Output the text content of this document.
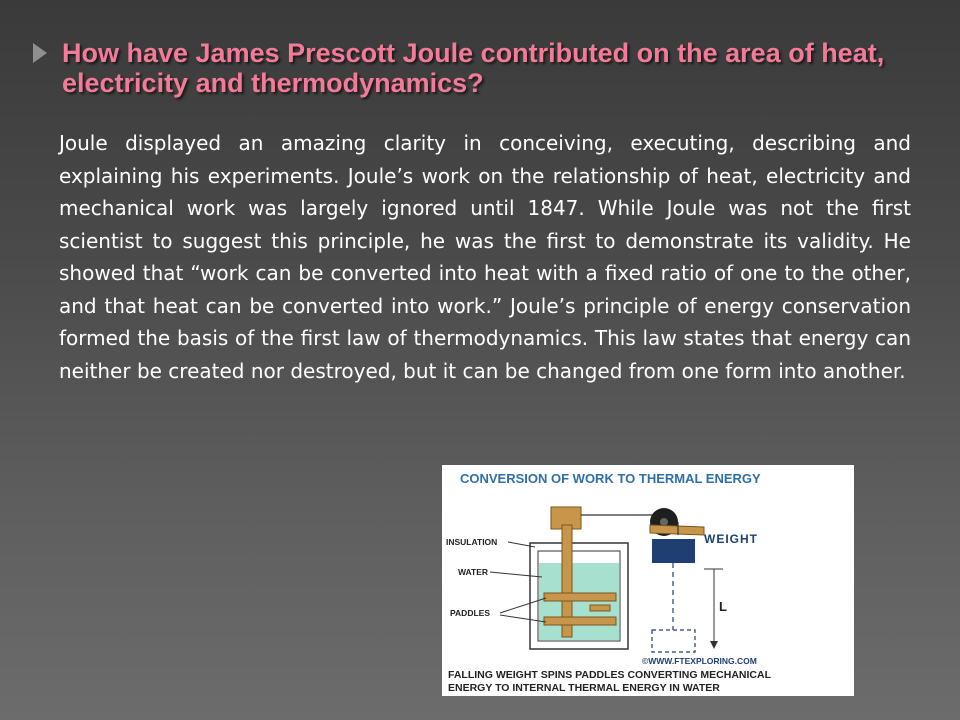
How have James Prescott Joule contributed on the area of heat, electricity and thermodynamics?

Joule displayed an amazing clarity in conceiving, executing, describing and explaining his experiments. Joule’s work on the relationship of heat, electricity and mechanical work was largely ignored until 1847. While Joule was not the first scientist to suggest this principle, he was the first to demonstrate its validity. He showed that “work can be converted into heat with a fixed ratio of one to the other, and that heat can be converted into work.” Joule’s principle of energy conservation formed the basis of the first law of thermodynamics. This law states that energy can neither be created nor destroyed, but it can be changed from one form into another.

CONVERSION OF WORK TO THERMAL ENERGY
WEIGHT
L
INSULATION
WATER
PADDLES
©WWW.FTEXPLORING.COM
FALLING WEIGHT SPINS PADDLES CONVERTING MECHANICAL
ENERGY TO INTERNAL THERMAL ENERGY IN WATER
